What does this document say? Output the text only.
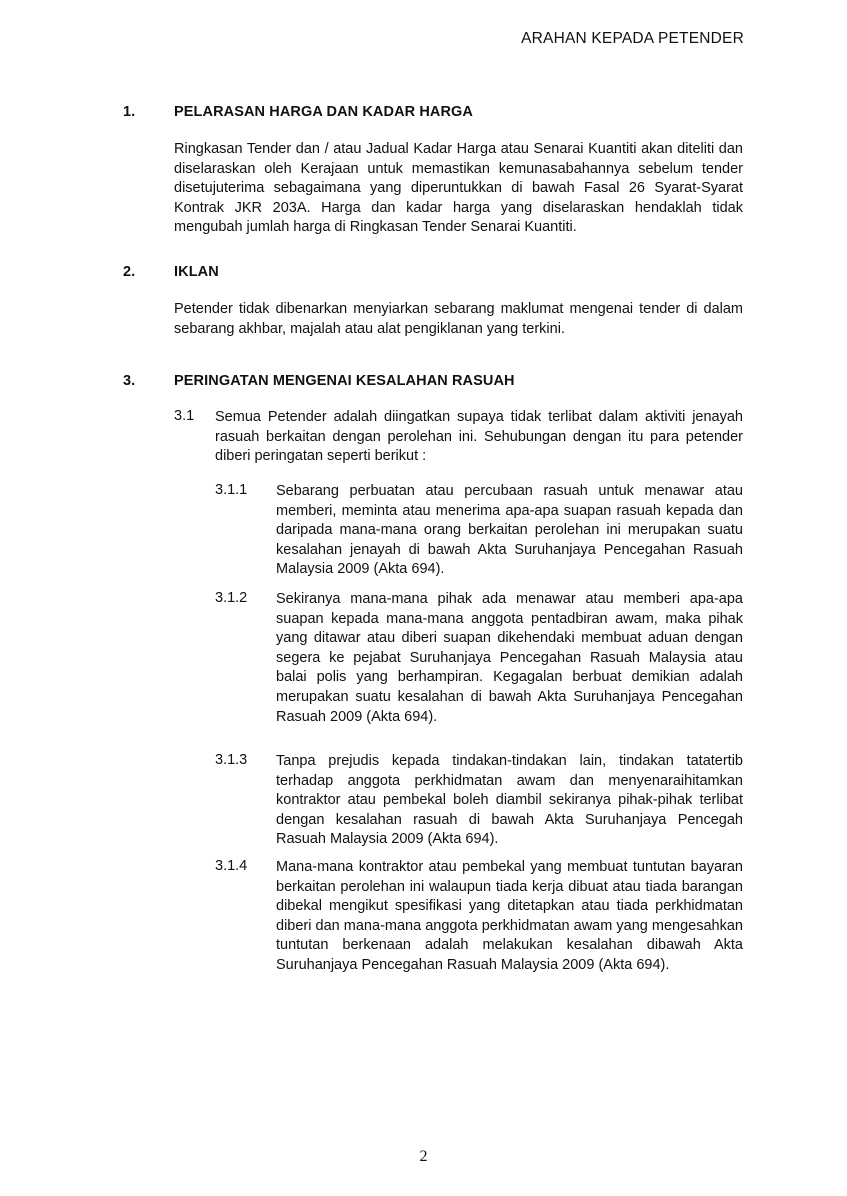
ARAHAN KEPADA PETENDER
1.	PELARASAN HARGA DAN KADAR HARGA
Ringkasan Tender dan / atau Jadual Kadar Harga atau Senarai Kuantiti akan diteliti dan diselaraskan oleh Kerajaan untuk memastikan kemunasabahannya sebelum tender disetujuterima sebagaimana yang diperuntukkan di bawah Fasal 26 Syarat-Syarat Kontrak JKR 203A. Harga dan kadar harga yang diselaraskan hendaklah tidak mengubah jumlah harga di Ringkasan Tender Senarai Kuantiti.
2.	IKLAN
Petender tidak dibenarkan menyiarkan sebarang maklumat mengenai tender di dalam sebarang akhbar, majalah atau alat pengiklanan yang terkini.
3.	PERINGATAN MENGENAI KESALAHAN RASUAH
3.1 Semua Petender adalah diingatkan supaya tidak terlibat dalam aktiviti jenayah rasuah berkaitan dengan perolehan ini. Sehubungan dengan itu para petender diberi peringatan seperti berikut :
3.1.1 Sebarang perbuatan atau percubaan rasuah untuk menawar atau memberi, meminta atau menerima apa-apa suapan rasuah kepada dan daripada mana-mana orang berkaitan perolehan ini merupakan suatu kesalahan jenayah di bawah Akta Suruhanjaya Pencegahan Rasuah Malaysia 2009 (Akta 694).
3.1.2 Sekiranya mana-mana pihak ada menawar atau memberi apa-apa suapan kepada mana-mana anggota pentadbiran awam, maka pihak yang ditawar atau diberi suapan dikehendaki membuat aduan dengan segera ke pejabat Suruhanjaya Pencegahan Rasuah Malaysia atau balai polis yang berhampiran. Kegagalan berbuat demikian adalah merupakan suatu kesalahan di bawah Akta Suruhanjaya Pencegahan Rasuah 2009 (Akta 694).
3.1.3 Tanpa prejudis kepada tindakan-tindakan lain, tindakan tatatertib terhadap anggota perkhidmatan awam dan menyenaraihitamkan kontraktor atau pembekal boleh diambil sekiranya pihak-pihak terlibat dengan kesalahan rasuah di bawah Akta Suruhanjaya Pencegah Rasuah Malaysia 2009 (Akta 694).
3.1.4 Mana-mana kontraktor atau pembekal yang membuat tuntutan bayaran berkaitan perolehan ini walaupun tiada kerja dibuat atau tiada barangan dibekal mengikut spesifikasi yang ditetapkan atau tiada perkhidmatan diberi dan mana-mana anggota perkhidmatan awam yang mengesahkan tuntutan berkenaan adalah melakukan kesalahan dibawah Akta Suruhanjaya Pencegahan Rasuah Malaysia 2009 (Akta 694).
2
